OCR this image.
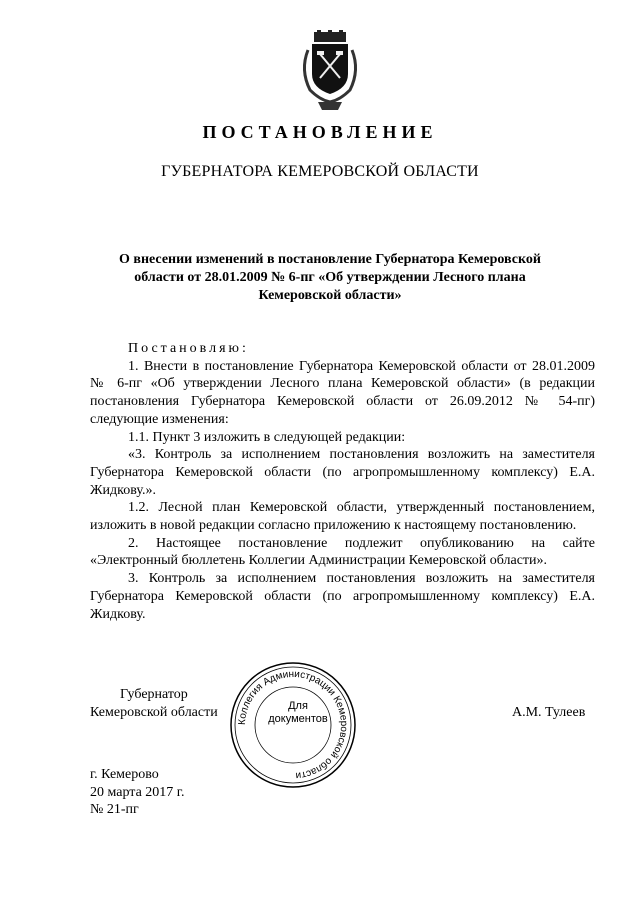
ПОСТАНОВЛЕНИЕ
ГУБЕРНАТОРА КЕМЕРОВСКОЙ ОБЛАСТИ
О внесении изменений в постановление Губернатора Кемеровской
области от 28.01.2009 № 6-пг «Об утверждении Лесного плана
Кемеровской области»

Постановляю:

1. Внести в постановление Губернатора Кемеровской области от 28.01.2009 № 6-пг «Об утверждении Лесного плана Кемеровской области» (в редакции постановления Губернатора Кемеровской области от 26.09.2012 № 54-пг) следующие изменения:

1.1. Пункт 3 изложить в следующей редакции:

«3. Контроль за исполнением постановления возложить на заместителя Губернатора Кемеровской области (по агропромышленному комплексу) Е.А. Жидкову.».

1.2. Лесной план Кемеровской области, утвержденный постановлением, изложить в новой редакции согласно приложению к настоящему постановлению.

2. Настоящее постановление подлежит опубликованию на сайте «Электронный бюллетень Коллегии Администрации Кемеровской области».

3. Контроль за исполнением постановления возложить на заместителя Губернатора Кемеровской области (по агропромышленному комплексу) Е.А. Жидкову.

Коллегия Администрации Кемеровской области
Для
документов
Губернатор
Кемеровской области	А.М. Тулеев
г. Кемерово
20 марта 2017 г.
№ 21-пг
